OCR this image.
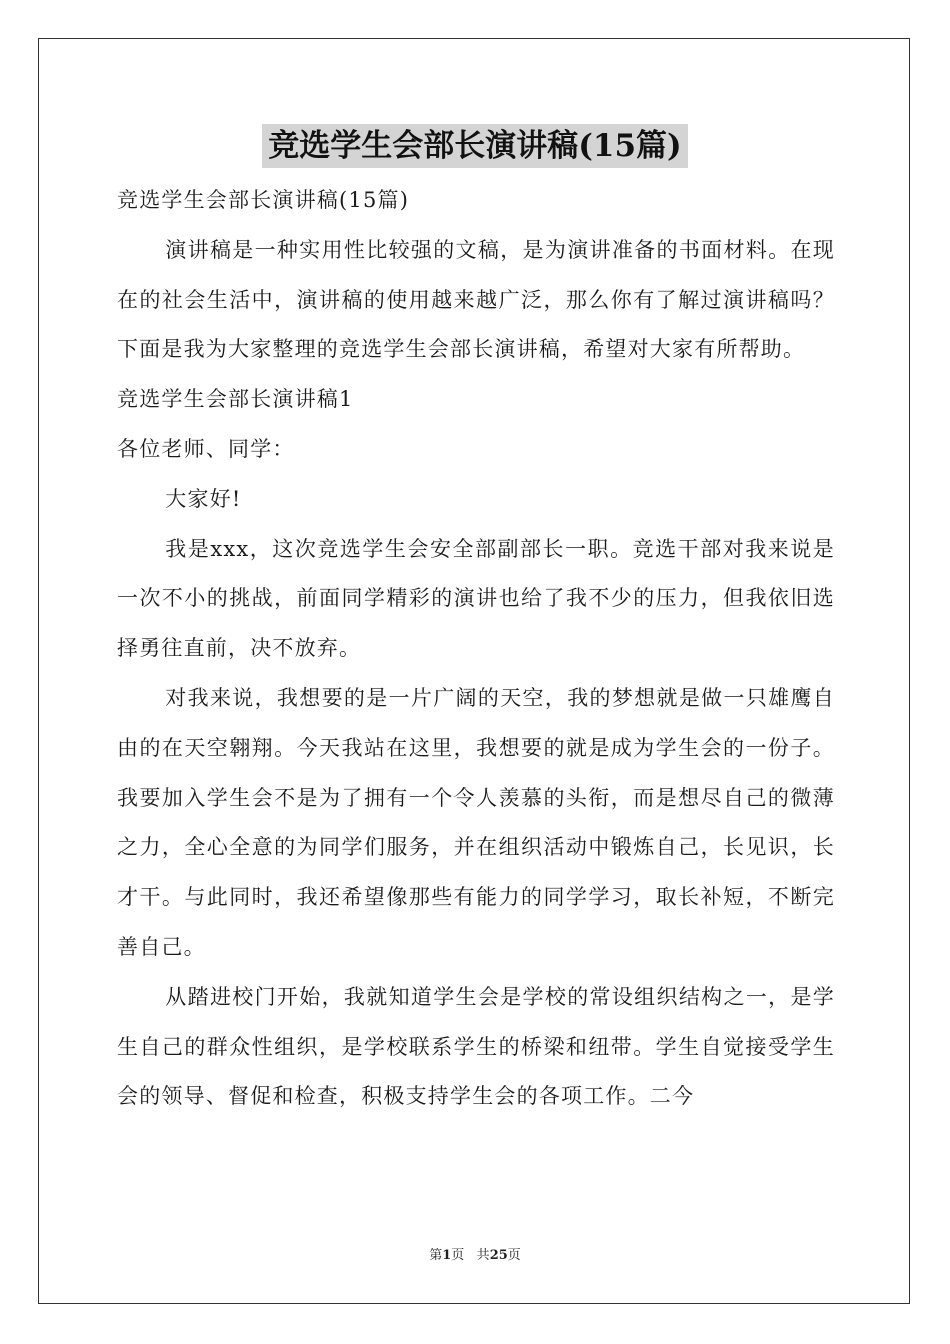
竞选学生会部长演讲稿(15篇)

竞选学生会部长演讲稿(15篇)

演讲稿是一种实用性比较强的文稿，是为演讲准备的书面材料。在现在的社会生活中，演讲稿的使用越来越广泛，那么你有了解过演讲稿吗？下面是我为大家整理的竞选学生会部长演讲稿，希望对大家有所帮助。

竞选学生会部长演讲稿1

各位老师、同学：

大家好!

我是xxx，这次竞选学生会安全部副部长一职。竞选干部对我来说是一次不小的挑战，前面同学精彩的演讲也给了我不少的压力，但我依旧选择勇往直前，决不放弃。

对我来说，我想要的是一片广阔的天空，我的梦想就是做一只雄鹰自由的在天空翱翔。今天我站在这里，我想要的就是成为学生会的一份子。我要加入学生会不是为了拥有一个令人羡慕的头衔，而是想尽自己的微薄之力，全心全意的为同学们服务，并在组织活动中锻炼自己，长见识，长才干。与此同时，我还希望像那些有能力的同学学习，取长补短，不断完善自己。

从踏进校门开始，我就知道学生会是学校的常设组织结构之一，是学生自己的群众性组织，是学校联系学生的桥梁和纽带。学生自觉接受学生会的领导、督促和检查，积极支持学生会的各项工作。二今

第1页 共25页
